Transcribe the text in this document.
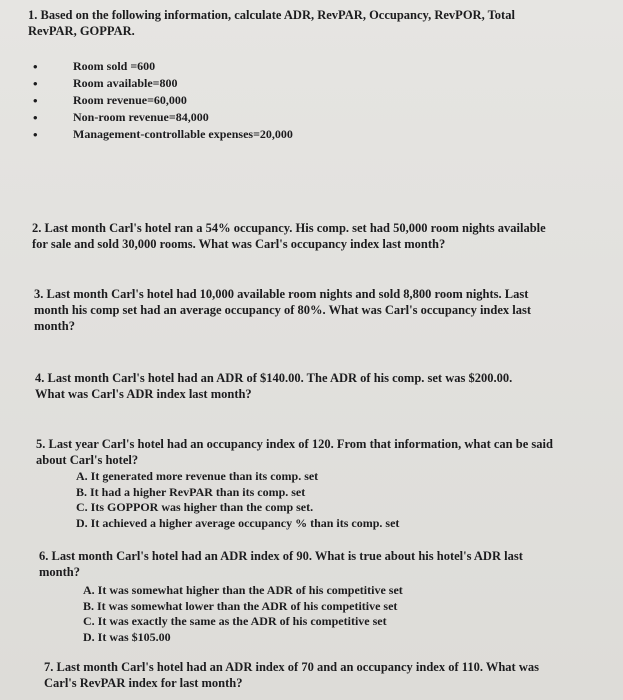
1. Based on the following information, calculate ADR, RevPAR, Occupancy, RevPOR, Total
RevPAR, GOPPAR.
•	Room sold =600
•	Room available=800
•	Room revenue=60,000
•	Non-room revenue=84,000
•	Management-controllable expenses=20,000
2. Last month Carl's hotel ran a 54% occupancy. His comp. set had 50,000 room nights available
for sale and sold 30,000 rooms. What was Carl's occupancy index last month?
3. Last month Carl's hotel had 10,000 available room nights and sold 8,800 room nights. Last
month his comp set had an average occupancy of 80%. What was Carl's occupancy index last
month?
4. Last month Carl's hotel had an ADR of $140.00. The ADR of his comp. set was $200.00.
What was Carl's ADR index last month?
5. Last year Carl's hotel had an occupancy index of 120. From that information, what can be said
about Carl's hotel?
A. It generated more revenue than its comp. set
B. It had a higher RevPAR than its comp. set
C. Its GOPPOR was higher than the comp set.
D. It achieved a higher average occupancy % than its comp. set
6. Last month Carl's hotel had an ADR index of 90. What is true about his hotel's ADR last
month?
A. It was somewhat higher than the ADR of his competitive set
B. It was somewhat lower than the ADR of his competitive set
C. It was exactly the same as the ADR of his competitive set
D. It was $105.00
7. Last month Carl's hotel had an ADR index of 70 and an occupancy index of 110. What was
Carl's RevPAR index for last month?
